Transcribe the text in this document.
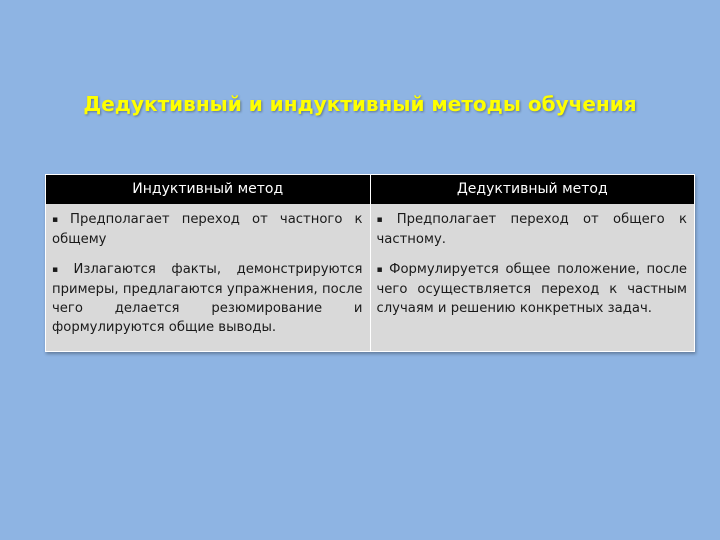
Дедуктивный и индуктивный методы обучения
Индуктивный метод	Дедуктивный метод
▪ Предполагает переход от частного к общему
▪ Излагаются факты, демонстрируются примеры, предлагаются упражнения, после чего делается резюмирование и формулируются общие выводы.
▪ Предполагает переход от общего к частному.
▪ Формулируется общее положение, после чего осуществляется переход к частным случаям и решению конкретных задач.
